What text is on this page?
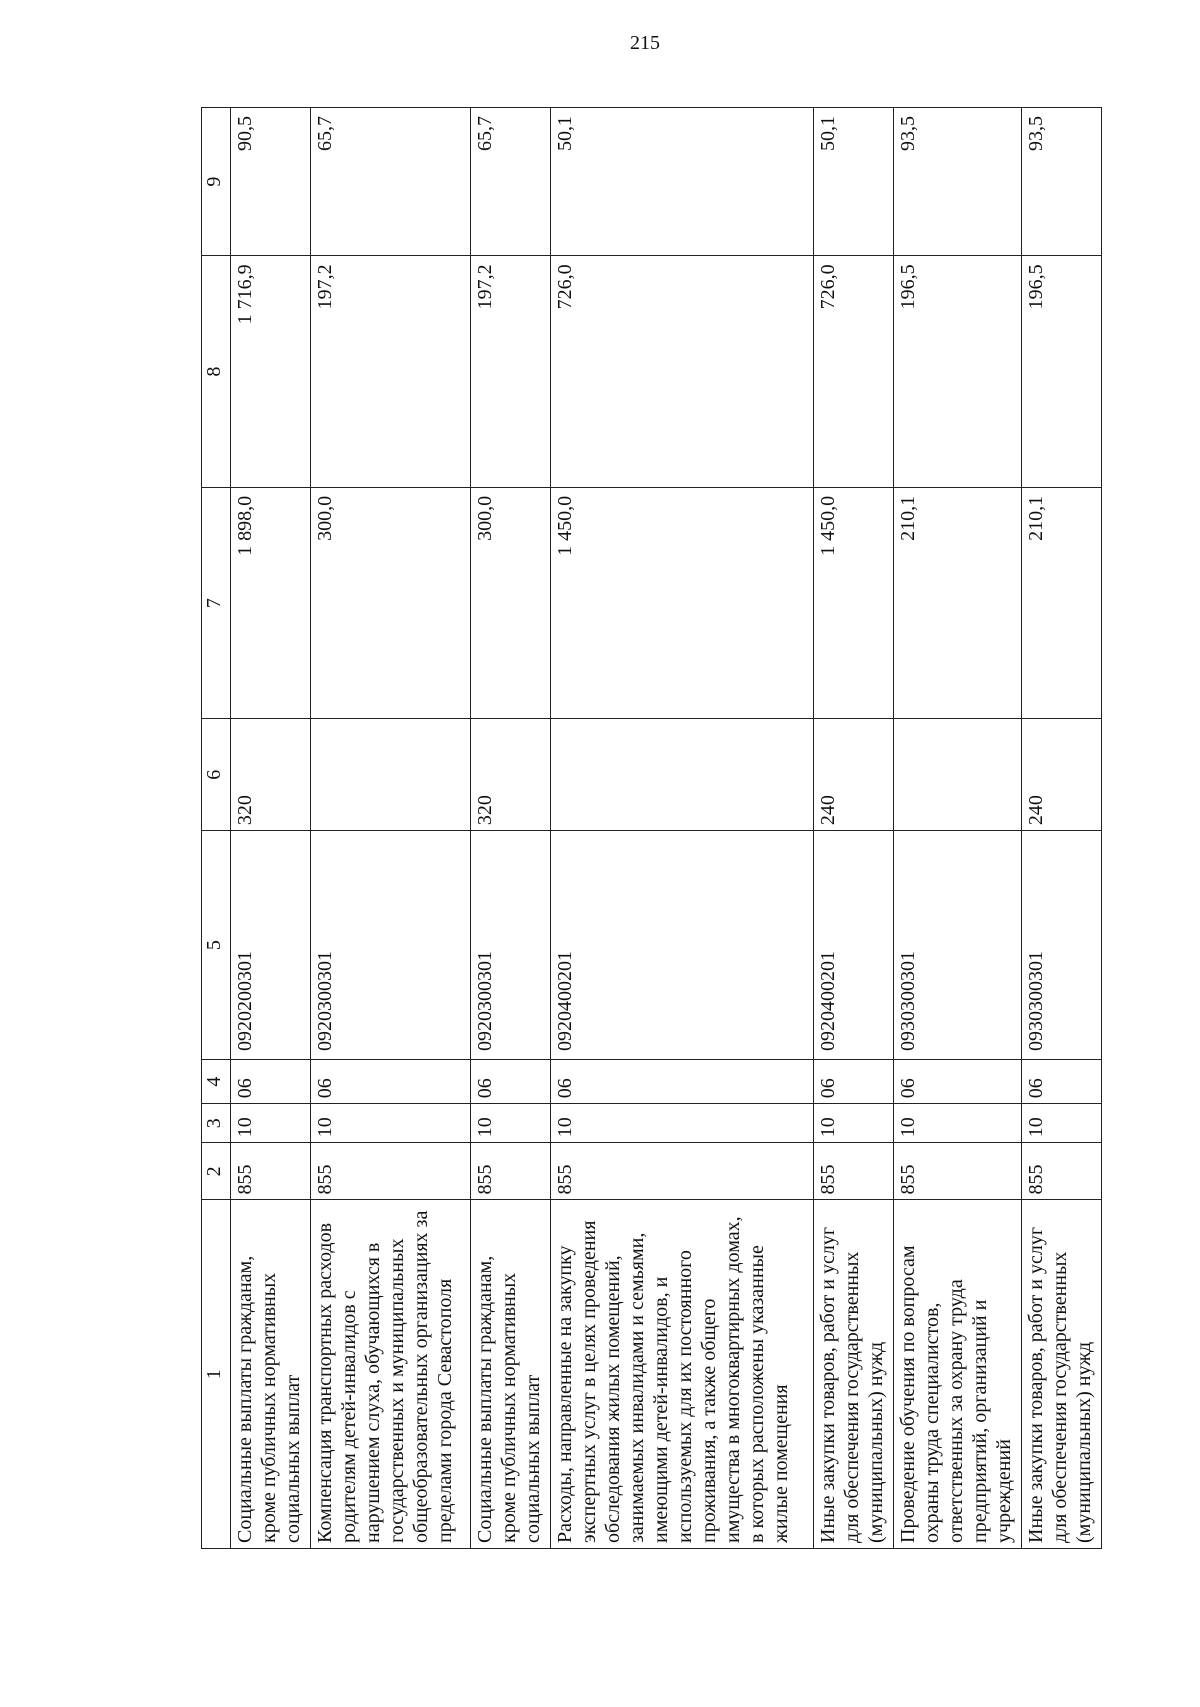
215
1	2	3	4	5	6	7	8	9
Социальные выплаты гражданам, кроме публичных нормативных социальных выплат	855	10	06	0920200301	320	1 898,0	1 716,9	90,5
Компенсация транспортных расходов родителям детей-инвалидов с нарушением слуха, обучающихся в государственных и муниципальных общеобразовательных организациях за пределами города Севастополя	855	10	06	0920300301		300,0	197,2	65,7
Социальные выплаты гражданам, кроме публичных нормативных социальных выплат	855	10	06	0920300301	320	300,0	197,2	65,7
Расходы, направленные на закупку экспертных услуг в целях проведения обследования жилых помещений, занимаемых инвалидами и семьями, имеющими детей-инвалидов, и используемых для их постоянного проживания, а также общего имущества в многоквартирных домах, в которых расположены указанные жилые помещения	855	10	06	0920400201		1 450,0	726,0	50,1
Иные закупки товаров, работ и услуг для обеспечения государственных (муниципальных) нужд	855	10	06	0920400201	240	1 450,0	726,0	50,1
Проведение обучения по вопросам охраны труда специалистов, ответственных за охрану труда предприятий, организаций и учреждений	855	10	06	0930300301		210,1	196,5	93,5
Иные закупки товаров, работ и услуг для обеспечения государственных (муниципальных) нужд	855	10	06	0930300301	240	210,1	196,5	93,5
